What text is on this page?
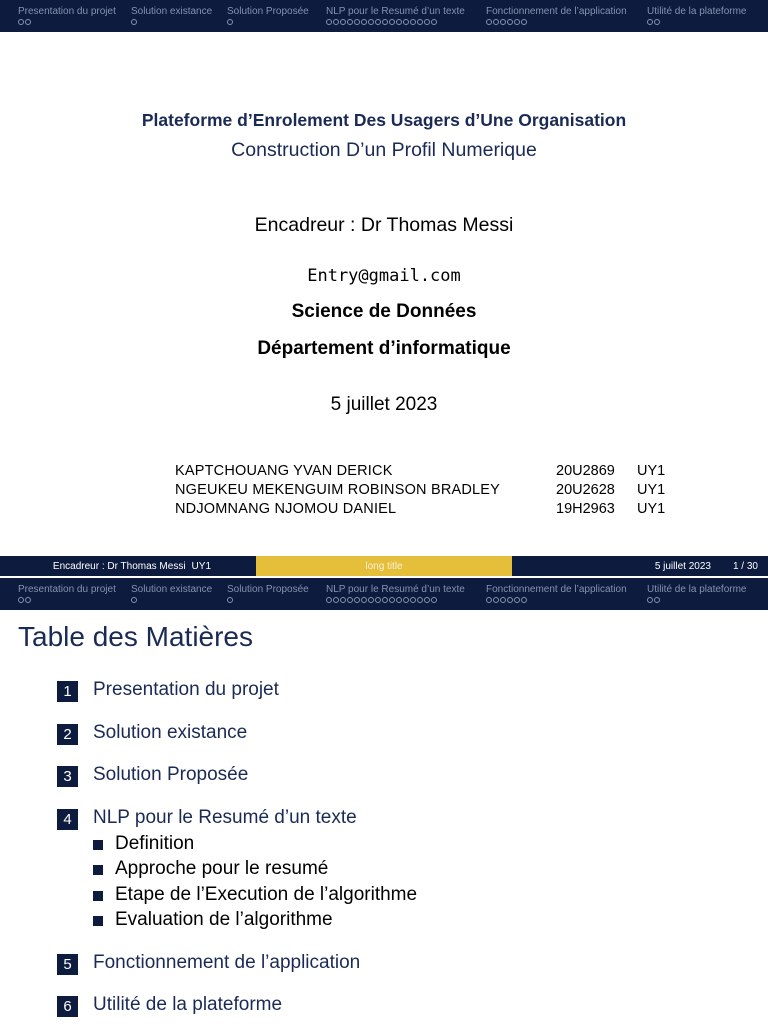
Presentation du projet Solution existance Solution Proposée NLP pour le Resumé d’un texte Fonctionnement de l’application Utilité de la plateforme
Plateforme d’Enrolement Des Usagers d’Une Organisation
Construction D’un Profil Numerique
Encadreur : Dr Thomas Messi
Entry@gmail.com
Science de Données
Département d’informatique
5 juillet 2023
KAPTCHOUANG YVAN DERICK	20U2869 UY1
NGEUKEU MEKENGUIM ROBINSON BRADLEY	20U2628 UY1
NDJOMNANG NJOMOU DANIEL	19H2963 UY1
Encadreur : Dr Thomas Messi UY1	long title	5 juillet 2023 1 / 30
Presentation du projet Solution existance Solution Proposée NLP pour le Resumé d’un texte Fonctionnement de l’application Utilité de la plateforme
Table des Matières
1	Presentation du projet
2	Solution existance
3	Solution Proposée
4	NLP pour le Resumé d’un texte
Definition
Approche pour le resumé
Etape de l’Execution de l’algorithme
Evaluation de l’algorithme
5	Fonctionnement de l’application
6	Utilité de la plateforme
